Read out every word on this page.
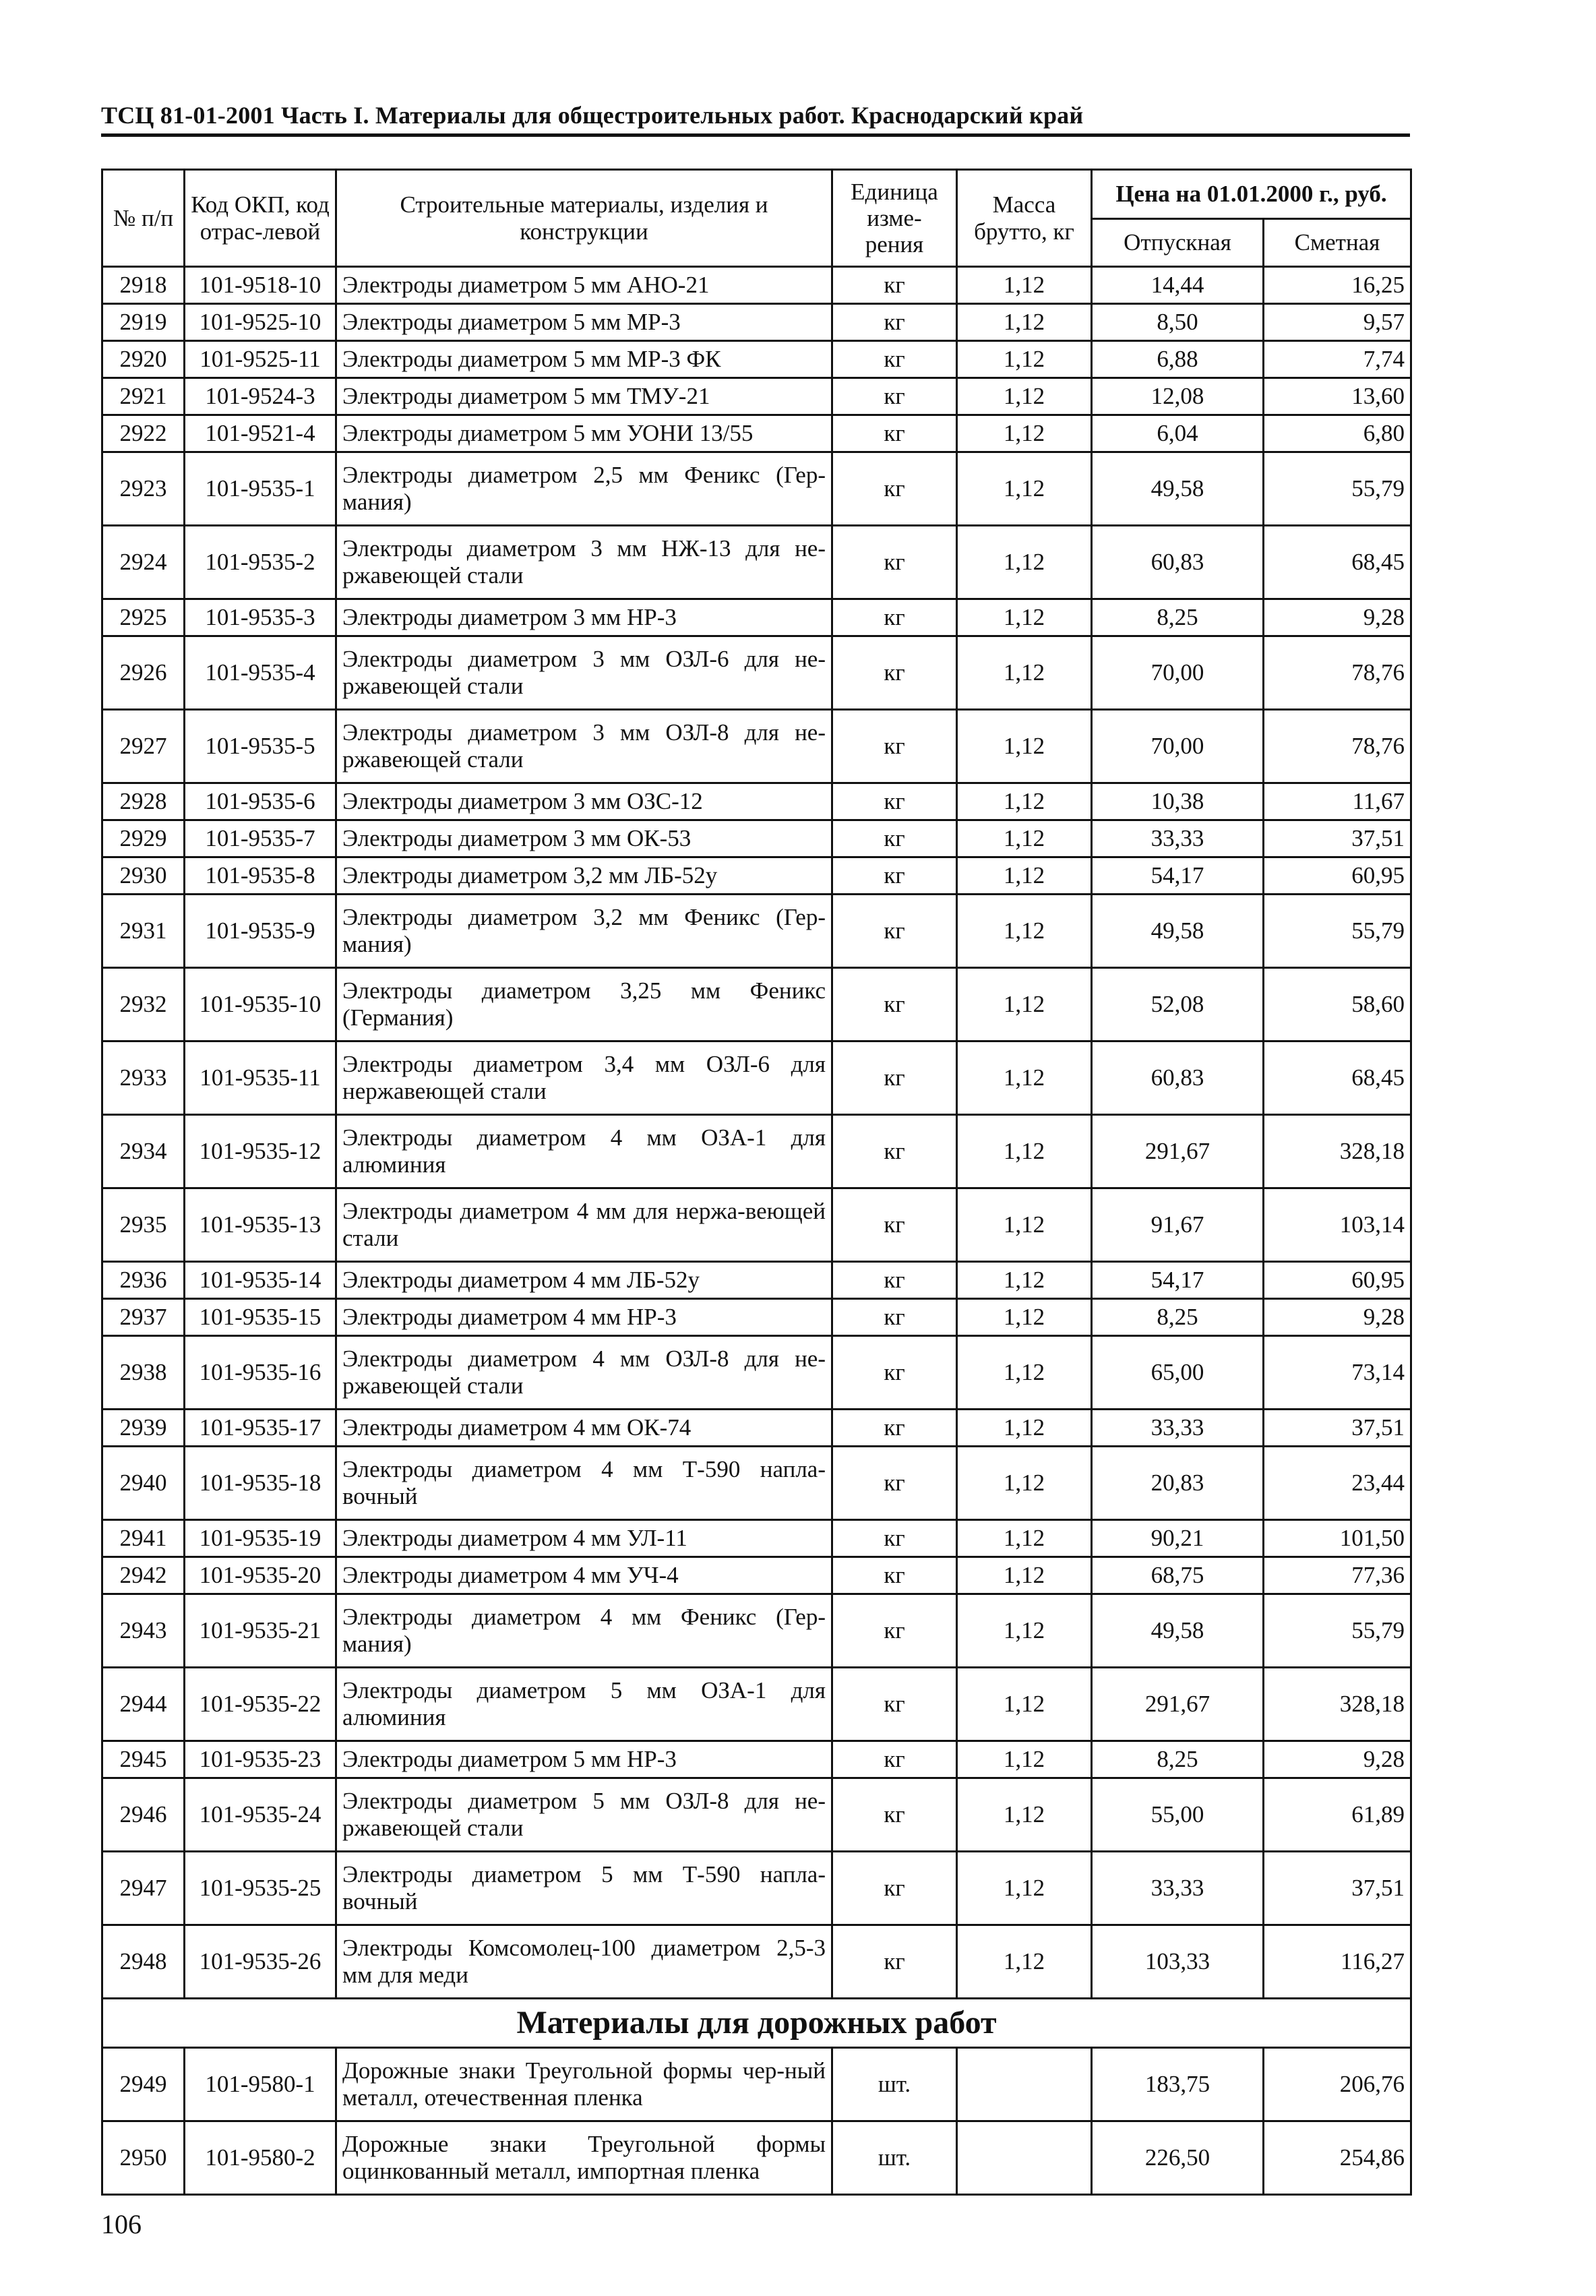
ТСЦ 81-01-2001 Часть I. Материалы для общестроительных работ. Краснодарский край
№ п/п	Код ОКП, код отрас-левой	Строительные материалы, изделия и конструкции	Единица изме-рения	Масса брутто, кг	Цена на 01.01.2000 г., руб.	
					Отпускная	Сметная
2918	101-9518-10	Электроды диаметром 5 мм АНО-21	кг	1,12	14,44	16,25
2919	101-9525-10	Электроды диаметром 5 мм МР-3	кг	1,12	8,50	9,57
2920	101-9525-11	Электроды диаметром 5 мм МР-3 ФК	кг	1,12	6,88	7,74
2921	101-9524-3	Электроды диаметром 5 мм ТМУ-21	кг	1,12	12,08	13,60
2922	101-9521-4	Электроды диаметром 5 мм УОНИ 13/55	кг	1,12	6,04	6,80
2923	101-9535-1	Электроды диаметром 2,5 мм Феникс (Гер-мания)	кг	1,12	49,58	55,79
2924	101-9535-2	Электроды диаметром 3 мм НЖ-13 для не-ржавеющей стали	кг	1,12	60,83	68,45
2925	101-9535-3	Электроды диаметром 3 мм НР-3	кг	1,12	8,25	9,28
2926	101-9535-4	Электроды диаметром 3 мм ОЗЛ-6 для не-ржавеющей стали	кг	1,12	70,00	78,76
2927	101-9535-5	Электроды диаметром 3 мм ОЗЛ-8 для не-ржавеющей стали	кг	1,12	70,00	78,76
2928	101-9535-6	Электроды диаметром 3 мм ОЗС-12	кг	1,12	10,38	11,67
2929	101-9535-7	Электроды диаметром 3 мм ОК-53	кг	1,12	33,33	37,51
2930	101-9535-8	Электроды диаметром 3,2 мм ЛБ-52у	кг	1,12	54,17	60,95
2931	101-9535-9	Электроды диаметром 3,2 мм Феникс (Гер-мания)	кг	1,12	49,58	55,79
2932	101-9535-10	Электроды диаметром 3,25 мм Феникс (Германия)	кг	1,12	52,08	58,60
2933	101-9535-11	Электроды диаметром 3,4 мм ОЗЛ-6 для нержавеющей стали	кг	1,12	60,83	68,45
2934	101-9535-12	Электроды диаметром 4 мм ОЗА-1 для алюминия	кг	1,12	291,67	328,18
2935	101-9535-13	Электроды диаметром 4 мм для нержа-веющей стали	кг	1,12	91,67	103,14
2936	101-9535-14	Электроды диаметром 4 мм ЛБ-52у	кг	1,12	54,17	60,95
2937	101-9535-15	Электроды диаметром 4 мм НР-3	кг	1,12	8,25	9,28
2938	101-9535-16	Электроды диаметром 4 мм ОЗЛ-8 для не-ржавеющей стали	кг	1,12	65,00	73,14
2939	101-9535-17	Электроды диаметром 4 мм ОК-74	кг	1,12	33,33	37,51
2940	101-9535-18	Электроды диаметром 4 мм Т-590 напла-вочный	кг	1,12	20,83	23,44
2941	101-9535-19	Электроды диаметром 4 мм УЛ-11	кг	1,12	90,21	101,50
2942	101-9535-20	Электроды диаметром 4 мм УЧ-4	кг	1,12	68,75	77,36
2943	101-9535-21	Электроды диаметром 4 мм Феникс (Гер-мания)	кг	1,12	49,58	55,79
2944	101-9535-22	Электроды диаметром 5 мм ОЗА-1 для алюминия	кг	1,12	291,67	328,18
2945	101-9535-23	Электроды диаметром 5 мм НР-3	кг	1,12	8,25	9,28
2946	101-9535-24	Электроды диаметром 5 мм ОЗЛ-8 для не-ржавеющей стали	кг	1,12	55,00	61,89
2947	101-9535-25	Электроды диаметром 5 мм Т-590 напла-вочный	кг	1,12	33,33	37,51
2948	101-9535-26	Электроды Комсомолец-100 диаметром 2,5-3 мм для меди	кг	1,12	103,33	116,27
Материалы для дорожных работ						
2949	101-9580-1	Дорожные знаки Треугольной формы чер-ный металл, отечественная пленка	шт.		183,75	206,76
2950	101-9580-2	Дорожные знаки Треугольной формы оцинкованный металл, импортная пленка	шт.		226,50	254,86
106
